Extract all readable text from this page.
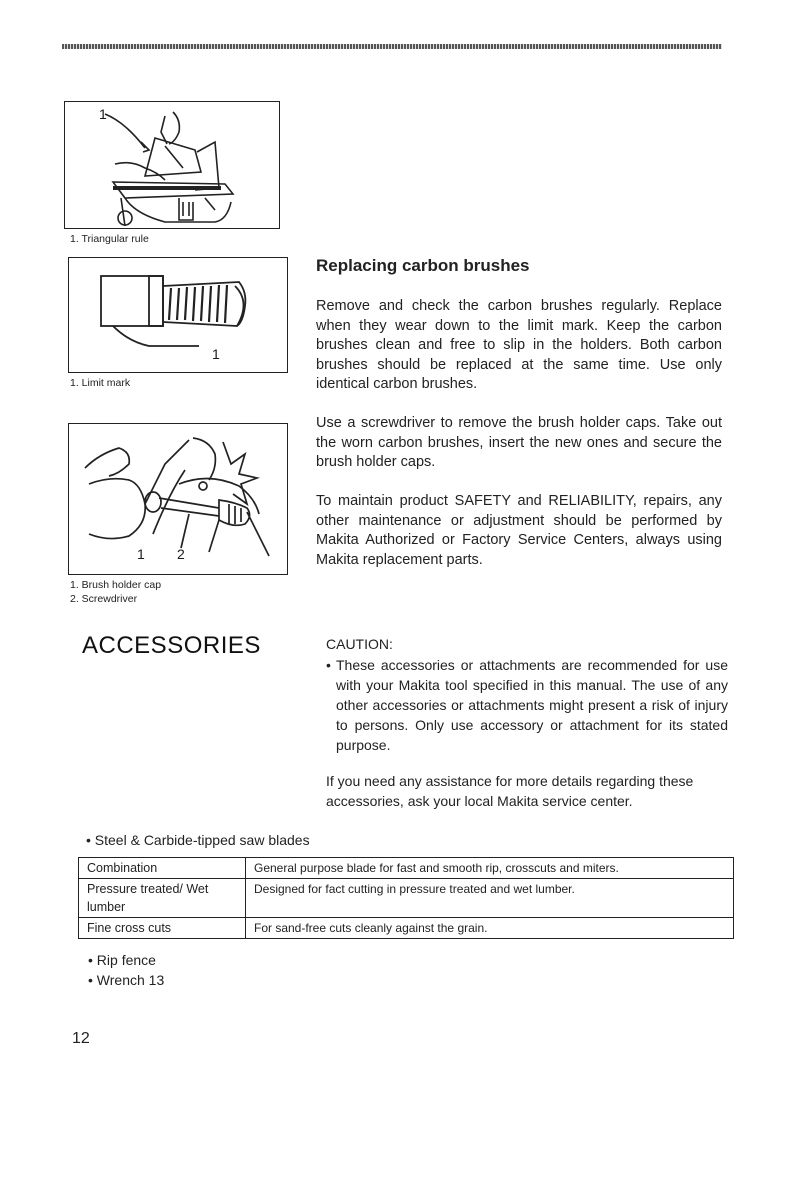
1
1. Triangular rule
1
1. Limit mark
1 2
1. Brush holder cap
2. Screwdriver
Replacing carbon brushes
Remove and check the carbon brushes regularly. Replace when they wear down to the limit mark. Keep the carbon brushes clean and free to slip in the holders. Both carbon brushes should be replaced at the same time. Use only identical carbon brushes.
Use a screwdriver to remove the brush holder caps. Take out the worn carbon brushes, insert the new ones and secure the brush holder caps.
To maintain product SAFETY and RELIABILITY, repairs, any other maintenance or adjustment should be performed by Makita Authorized or Factory Service Centers, always using Makita replacement parts.
ACCESSORIES	CAUTION:
• These accessories or attachments are recommended for use with your Makita tool specified in this manual. The use of any other accessories or attachments might present a risk of injury to persons. Only use accessory or attachment for its stated purpose.
If you need any assistance for more details regarding these accessories, ask your local Makita service center.
• Steel & Carbide-tipped saw blades
Combination	General purpose blade for fast and smooth rip, crosscuts and miters.
Pressure treated/ Wet lumber	Designed for fact cutting in pressure treated and wet lumber.
Fine cross cuts	For sand-free cuts cleanly against the grain.
• Rip fence
• Wrench 13
12
